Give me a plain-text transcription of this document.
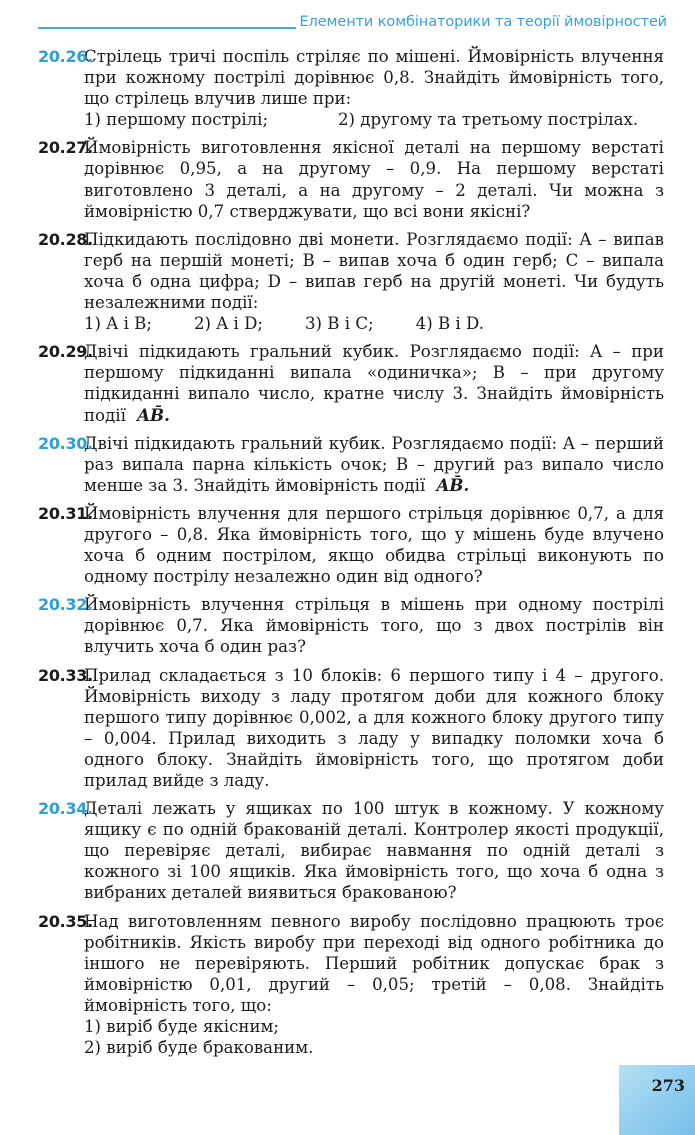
Елементи комбінаторики та теорії ймовірностей
20.26.
Стрілець тричі поспіль стріляє по мішені. Ймовірність влучення при кожному пострілі дорівнює 0,8. Знайдіть ймовірність того, що стрілець влучив лише при:
1) першому пострілі;	2) другому та третьому пострілах.
20.27.
Ймовірність виготовлення якісної деталі на першому верстаті дорівнює 0,95, а на другому – 0,9. На першому верстаті виготовлено 3 деталі, а на другому – 2 деталі. Чи можна з ймовірністю 0,7 стверджувати, що всі вони якісні?
20.28.
Підкидають послідовно дві монети. Розглядаємо події: A – випав герб на першій монеті; B – випав хоча б один герб; C – випала хоча б одна цифра; D – випав герб на другій монеті. Чи будуть незалежними події:
1) A і B;	2) A і D;	3) B і C;	4) B і D.
20.29.
Двічі підкидають гральний кубик. Розглядаємо події: A – при першому підкиданні випала «одиничка»; B – при другому підкиданні випало число, кратне числу 3. Знайдіть ймовірність події AB̄.
20.30.
Двічі підкидають гральний кубик. Розглядаємо події: A – перший раз випала парна кількість очок; B – другий раз випало число менше за 3. Знайдіть ймовірність події AB̄.
20.31.
Ймовірність влучення для першого стрільця дорівнює 0,7, а для другого – 0,8. Яка ймовірність того, що у мішень буде влучено хоча б одним пострілом, якщо обидва стрільці виконують по одному пострілу незалежно один від одного?
20.32.
Ймовірність влучення стрільця в мішень при одному пострілі дорівнює 0,7. Яка ймовірність того, що з двох пострілів він влучить хоча б один раз?
20.33.
Прилад складається з 10 блоків: 6 першого типу і 4 – другого. Ймовірність виходу з ладу протягом доби для кожного блоку першого типу дорівнює 0,002, а для кожного блоку другого типу – 0,004. Прилад виходить з ладу у випадку поломки хоча б одного блоку. Знайдіть ймовірність того, що протягом доби прилад вийде з ладу.
20.34.
Деталі лежать у ящиках по 100 штук в кожному. У кожному ящику є по одній бракованій деталі. Контролер якості продукції, що перевіряє деталі, вибирає навмання по одній деталі з кожного зі 100 ящиків. Яка ймовірність того, що хоча б одна з вибраних деталей виявиться бракованою?
20.35.
Над виготовленням певного виробу послідовно працюють троє робітників. Якість виробу при переході від одного робітника до іншого не перевіряють. Перший робітник допускає брак з ймовірністю 0,01, другий – 0,05; третій – 0,08. Знайдіть ймовірність того, що:
1) виріб буде якісним;
2) виріб буде бракованим.
273
